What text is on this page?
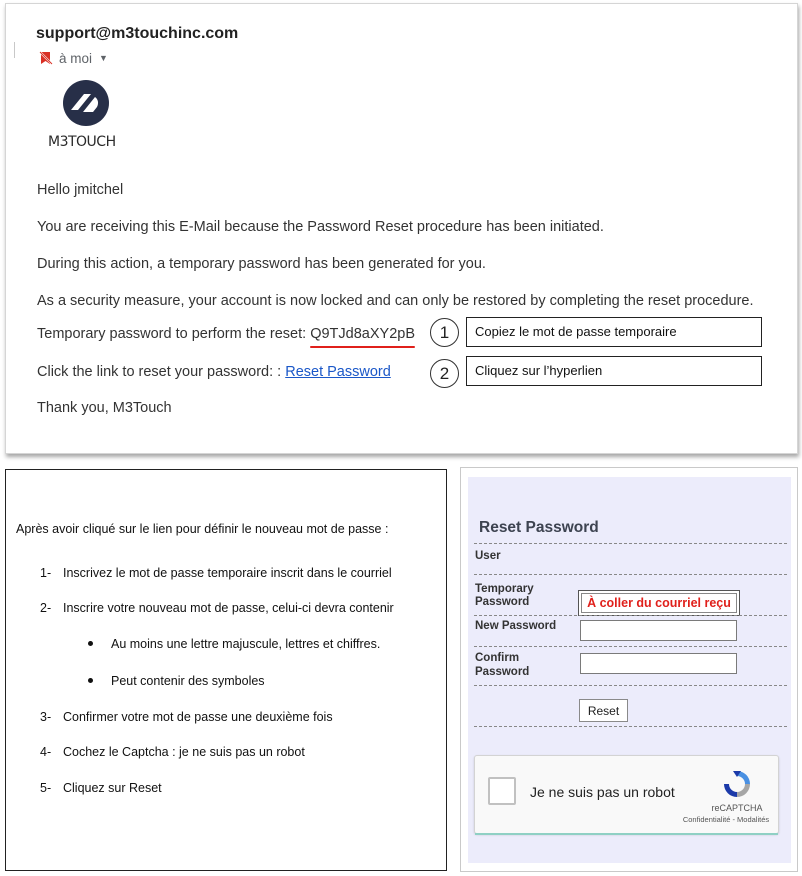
support@m3touchinc.com
à moi ▼
M3TOUCH
Hello jmitchel
You are receiving this E-Mail because the Password Reset procedure has been initiated.
During this action, a temporary password has been generated for you.
As a security measure, your account is now locked and can only be restored by completing the reset procedure.
Temporary password to perform the reset: Q9TJd8aXY2pB
Click the link to reset your password: : Reset Password
Thank you, M3Touch
1	Copiez le mot de passe temporaire
2	Cliquez sur l’hyperlien
Après avoir cliqué sur le lien pour définir le nouveau mot de passe :
1- Inscrivez le mot de passe temporaire inscrit dans le courriel
2- Inscrire votre nouveau mot de passe, celui-ci devra contenir
Au moins une lettre majuscule, lettres et chiffres.
Peut contenir des symboles
3- Confirmer votre mot de passe une deuxième fois
4- Cochez le Captcha : je ne suis pas un robot
5- Cliquez sur Reset
Reset Password
User
Temporary
Password	À coller du courriel reçu
New Password
Confirm
Password
Reset
Je ne suis pas un robot
reCAPTCHA
Confidentialité - Modalités
